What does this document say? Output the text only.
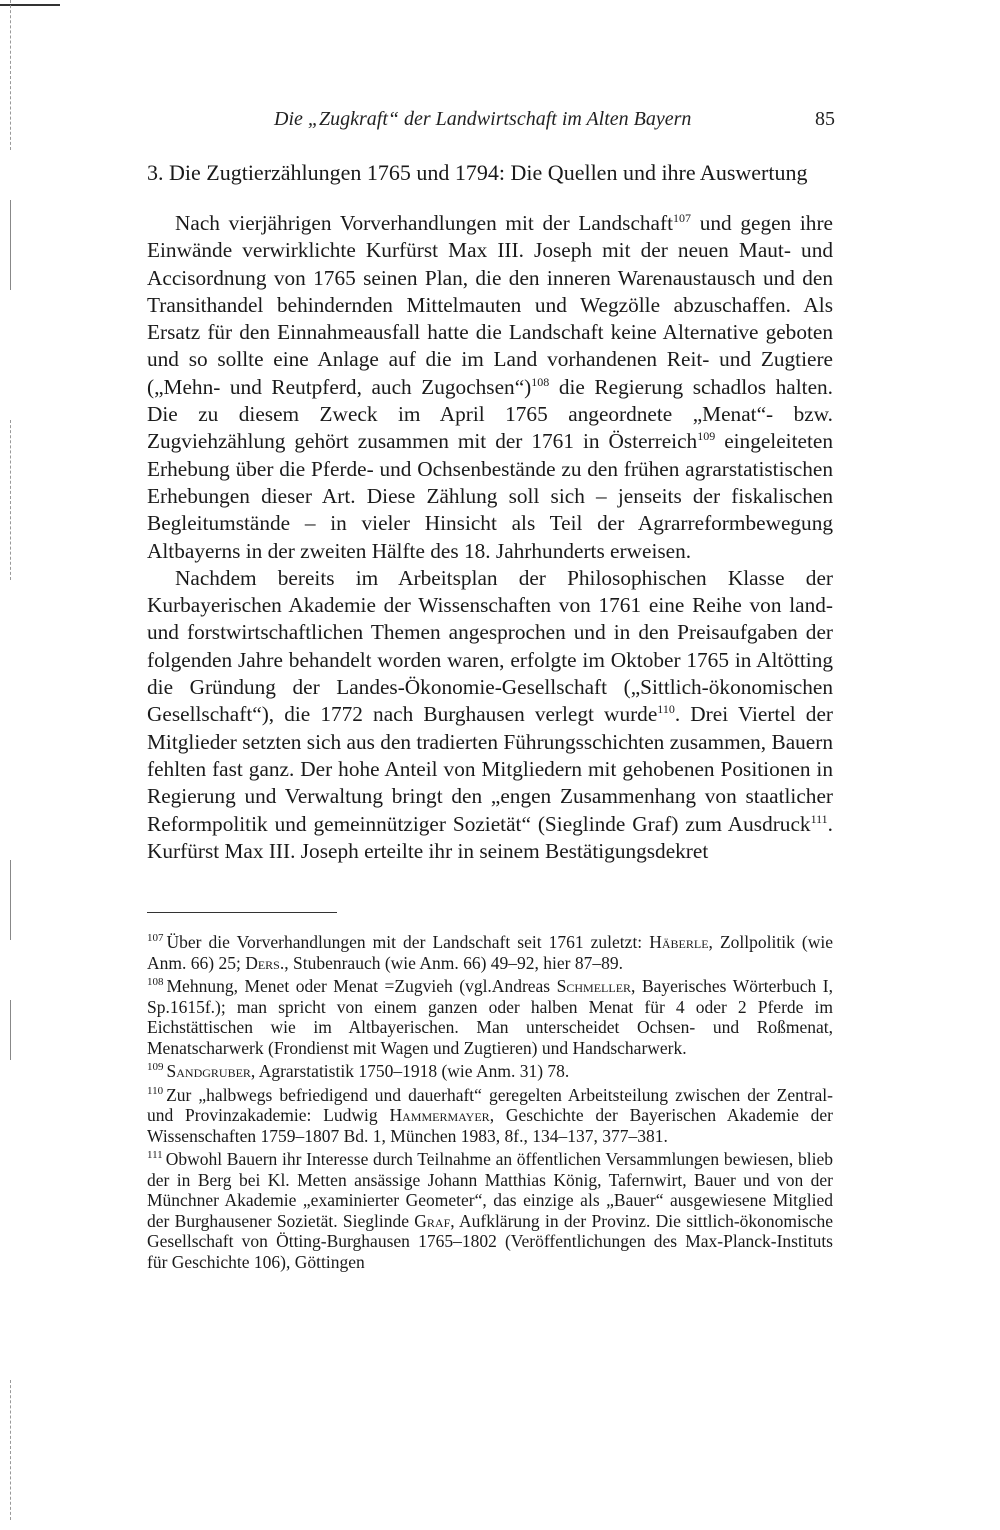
Die „Zugkraft“ der Landwirtschaft im Alten Bayern	85
3. Die Zugtierzählungen 1765 und 1794: Die Quellen und ihre Auswertung

Nach vierjährigen Vorverhandlungen mit der Landschaft$^{107}$ und gegen ihre Einwände verwirklichte Kurfürst Max III. Joseph mit der neuen Maut- und Accisordnung von 1765 seinen Plan, die den inneren Warenaustausch und den Transithandel behindernden Mittelmauten und Wegzölle abzuschaffen. Als Ersatz für den Einnahmeausfall hatte die Landschaft keine Alternative geboten und so sollte eine Anlage auf die im Land vorhandenen Reit- und Zugtiere („Mehn- und Reutpferd, auch Zugochsen“)$^{108}$ die Regierung schadlos halten. Die zu diesem Zweck im April 1765 angeordnete „Menat“- bzw. Zugviehzählung gehört zusammen mit der 1761 in Österreich$^{109}$ eingeleiteten Erhebung über die Pferde- und Ochsenbestände zu den frühen agrarstatistischen Erhebungen dieser Art. Diese Zählung soll sich – jenseits der fiskalischen Begleitumstände – in vieler Hinsicht als Teil der Agrarreformbewegung Altbayerns in der zweiten Hälfte des 18. Jahrhunderts erweisen.

Nachdem bereits im Arbeitsplan der Philosophischen Klasse der Kurbayerischen Akademie der Wissenschaften von 1761 eine Reihe von land- und forstwirtschaftlichen Themen angesprochen und in den Preisaufgaben der folgenden Jahre behandelt worden waren, erfolgte im Oktober 1765 in Altötting die Gründung der Landes-Ökonomie-Gesellschaft („Sittlich-ökonomischen Gesellschaft“), die 1772 nach Burghausen verlegt wurde$^{110}$. Drei Viertel der Mitglieder setzten sich aus den tradierten Führungsschichten zusammen, Bauern fehlten fast ganz. Der hohe Anteil von Mitgliedern mit gehobenen Positionen in Regierung und Verwaltung bringt den „engen Zusammenhang von staatlicher Reformpolitik und gemeinnütziger Sozietät“ (Sieglinde Graf) zum Ausdruck$^{111}$. Kurfürst Max III. Joseph erteilte ihr in seinem Bestätigungsdekret

$^{107}$ Über die Vorverhandlungen mit der Landschaft seit 1761 zuletzt: Häberle, Zollpolitik (wie Anm. 66) 25; Ders., Stubenrauch (wie Anm. 66) 49–92, hier 87–89.

$^{108}$ Mehnung, Menet oder Menat =Zugvieh (vgl.Andreas Schmeller, Bayerisches Wörterbuch I, Sp.1615f.); man spricht von einem ganzen oder halben Menat für 4 oder 2 Pferde im Eichstättischen wie im Altbayerischen. Man unterscheidet Ochsen- und Roßmenat, Menatscharwerk (Frondienst mit Wagen und Zugtieren) und Handscharwerk.

$^{109}$ Sandgruber, Agrarstatistik 1750–1918 (wie Anm. 31) 78.

$^{110}$ Zur „halbwegs befriedigend und dauerhaft“ geregelten Arbeitsteilung zwischen der Zentral- und Provinzakademie: Ludwig Hammermayer, Geschichte der Bayerischen Akademie der Wissenschaften 1759–1807 Bd. 1, München 1983, 8f., 134–137, 377–381.

$^{111}$ Obwohl Bauern ihr Interesse durch Teilnahme an öffentlichen Versammlungen bewiesen, blieb der in Berg bei Kl. Metten ansässige Johann Matthias König, Tafernwirt, Bauer und von der Münchner Akademie „examinierter Geometer“, das einzige als „Bauer“ ausgewiesene Mitglied der Burghausener Sozietät. Sieglinde Graf, Aufklärung in der Provinz. Die sittlich-ökonomische Gesellschaft von Ötting-Burghausen 1765–1802 (Veröffentlichungen des Max-Planck-Instituts für Geschichte 106), Göttingen
